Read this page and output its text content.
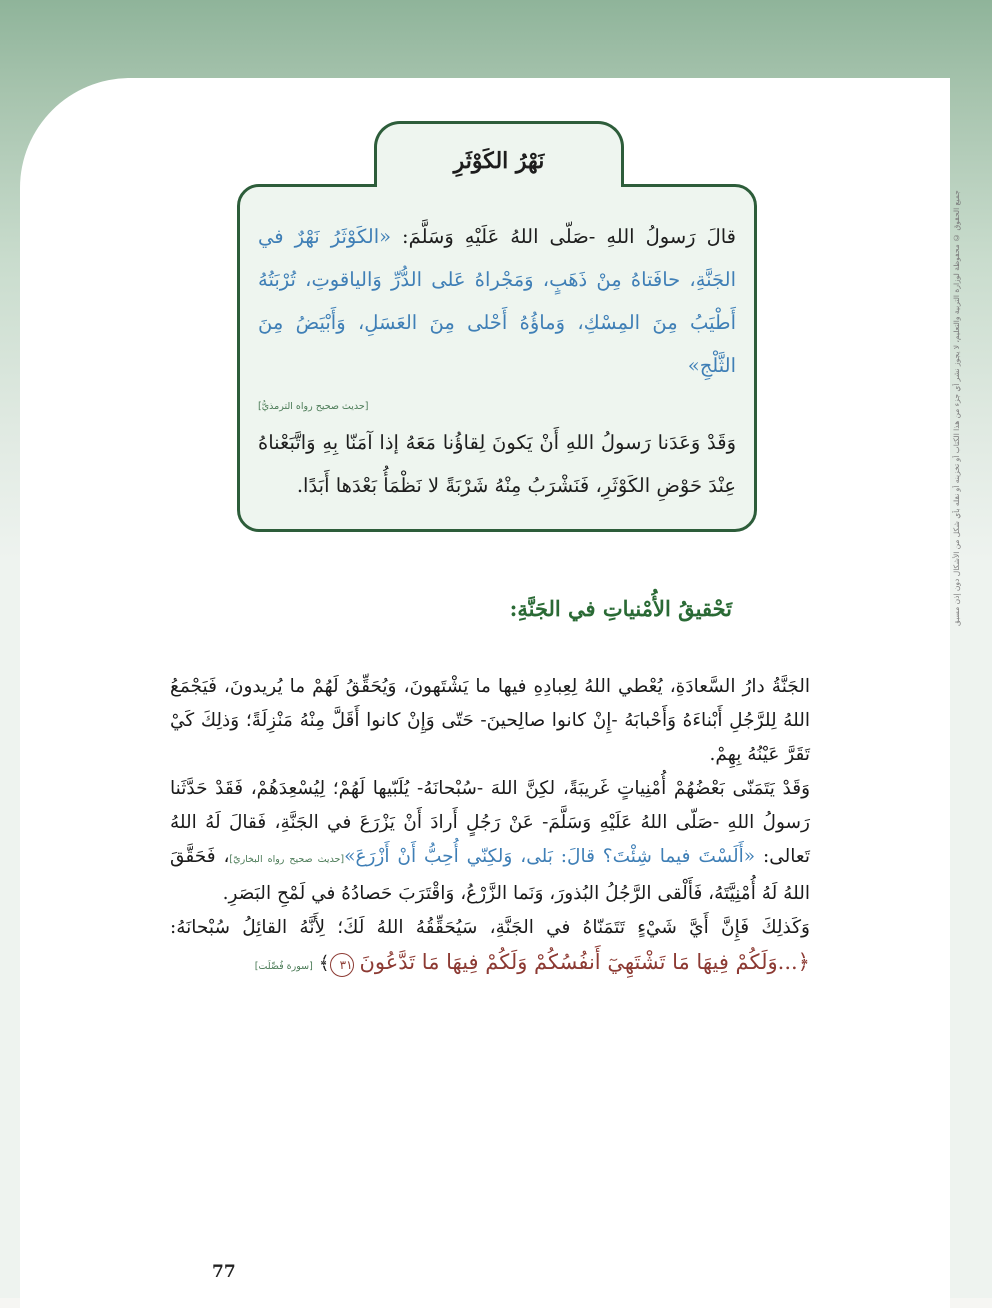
جميع الحقوق © محفوظة لوزارة التربية والتعليم، لا يجوز نشر أي جزء من هذا الكتاب أو تخزينه أو نقله بأي شكل من الأشكال دون إذن مسبق
نَهْرُ الكَوْثَرِ

قالَ رَسولُ اللهِ -صَلّى اللهُ عَلَيْهِ وَسَلَّمَ: «الكَوْثَرُ نَهْرٌ في الجَنَّةِ، حافَتاهُ مِنْ ذَهَبٍ، وَمَجْراهُ عَلى الدُّرِّ وَالياقوتِ، تُرْبَتُهُ أَطْيَبُ مِنَ المِسْكِ، وَماؤُهُ أَحْلى مِنَ العَسَلِ، وَأَبْيَضُ مِنَ الثَّلْجِ»

[حديث صحيح رواه الترمذيُّ]

وَقَدْ وَعَدَنا رَسولُ اللهِ أَنْ يَكونَ لِقاؤُنا مَعَهُ إذا آمَنّا بِهِ وَاتَّبَعْناهُ عِنْدَ حَوْضِ الكَوْثَرِ، فَنَشْرَبُ مِنْهُ شَرْبَةً لا نَظْمَأُ بَعْدَها أَبَدًا.

تَحْقيقُ الأُمْنياتِ في الجَنَّةِ:

الجَنَّةُ دارُ السَّعادَةِ، يُعْطي اللهُ لِعِبادِهِ فيها ما يَشْتَهونَ، وَيُحَقِّقُ لَهُمْ ما يُريدونَ، فَيَجْمَعُ اللهُ لِلرَّجُلِ أَبْناءَهُ وَأَحْبابَهُ -إِنْ كانوا صالِحينَ- حَتّى وَإِنْ كانوا أَقَلَّ مِنْهُ مَنْزِلَةً؛ وَذلِكَ كَيْ تَقَرَّ عَيْنُهُ بِهِمْ.

وَقَدْ يَتَمَنّى بَعْضُهُمْ أُمْنِياتٍ غَريبَةً، لكِنَّ اللهَ -سُبْحانَهُ- يُلَبّيها لَهُمْ؛ لِيُسْعِدَهُمْ، فَقَدْ حَدَّثَنا رَسولُ اللهِ -صَلّى اللهُ عَلَيْهِ وَسَلَّمَ- عَنْ رَجُلٍ أَرادَ أَنْ يَزْرَعَ في الجَنَّةِ، فَقالَ لَهُ اللهُ تَعالى: «أَلَسْتَ فيما شِئْتَ؟ قالَ: بَلى، وَلكِنّي أُحِبُّ أَنْ أَزْرَعَ»[حديث صحيح رواه البخاريّ]، فَحَقَّقَ اللهُ لَهُ أُمْنِيَّتَهُ، فَأَلْقى الرَّجُلُ البُذورَ، وَنَما الزَّرْعُ، وَاقْتَرَبَ حَصادُهُ في لَمْحِ البَصَرِ.

وَكَذلِكَ فَإِنَّ أَيَّ شَيْءٍ تَتَمَنّاهُ في الجَنَّةِ، سَيُحَقِّقُهُ اللهُ لَكَ؛ لِأَنَّهُ القائِلُ سُبْحانَهُ: ﴿...وَلَكُمْ فِيهَا مَا تَشْتَهِيٓ أَنفُسُكُمْ وَلَكُمْ فِيهَا مَا تَدَّعُونَ ٣١﴾ [سورة فُصِّلَت]

77
